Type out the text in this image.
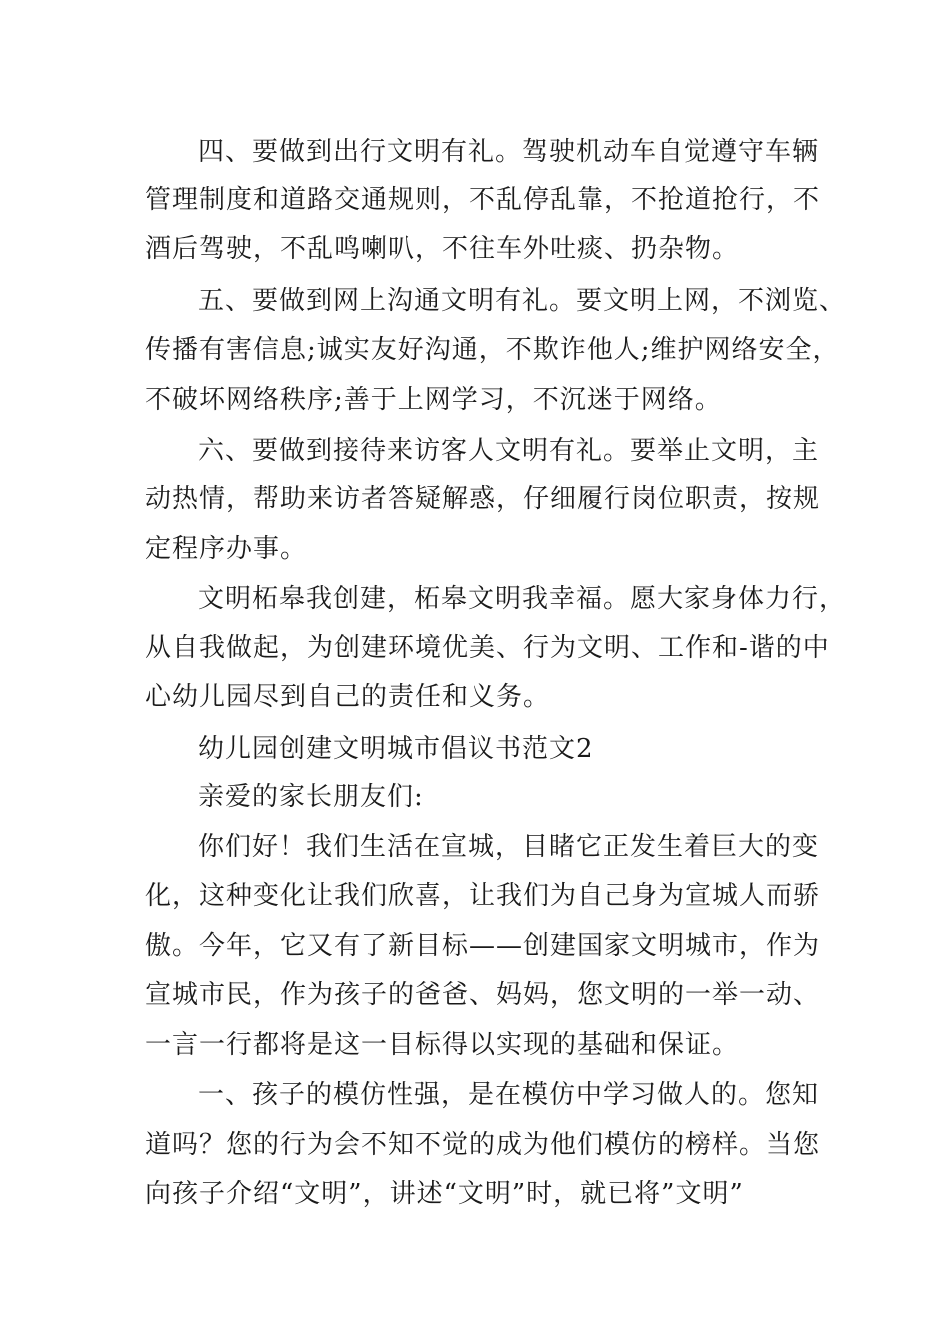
四、要做到出行文明有礼。驾驶机动车自觉遵守车辆
管理制度和道路交通规则，不乱停乱靠，不抢道抢行，不
酒后驾驶，不乱鸣喇叭，不往车外吐痰、扔杂物。
五、要做到网上沟通文明有礼。要文明上网，不浏览、
传播有害信息;诚实友好沟通，不欺诈他人;维护网络安全，
不破坏网络秩序;善于上网学习，不沉迷于网络。
六、要做到接待来访客人文明有礼。要举止文明，主
动热情，帮助来访者答疑解惑，仔细履行岗位职责，按规
定程序办事。
文明柘皋我创建，柘皋文明我幸福。愿大家身体力行，
从自我做起，为创建环境优美、行为文明、工作和-谐的中
心幼儿园尽到自己的责任和义务。
幼儿园创建文明城市倡议书范文2
亲爱的家长朋友们:
你们好！我们生活在宣城，目睹它正发生着巨大的变
化，这种变化让我们欣喜，让我们为自己身为宣城人而骄
傲。今年，它又有了新目标——创建国家文明城市，作为
宣城市民，作为孩子的爸爸、妈妈，您文明的一举一动、
一言一行都将是这一目标得以实现的基础和保证。
一、孩子的模仿性强，是在模仿中学习做人的。您知
道吗？您的行为会不知不觉的成为他们模仿的榜样。当您
向孩子介绍“文明”，讲述“文明”时，就已将”文明”
